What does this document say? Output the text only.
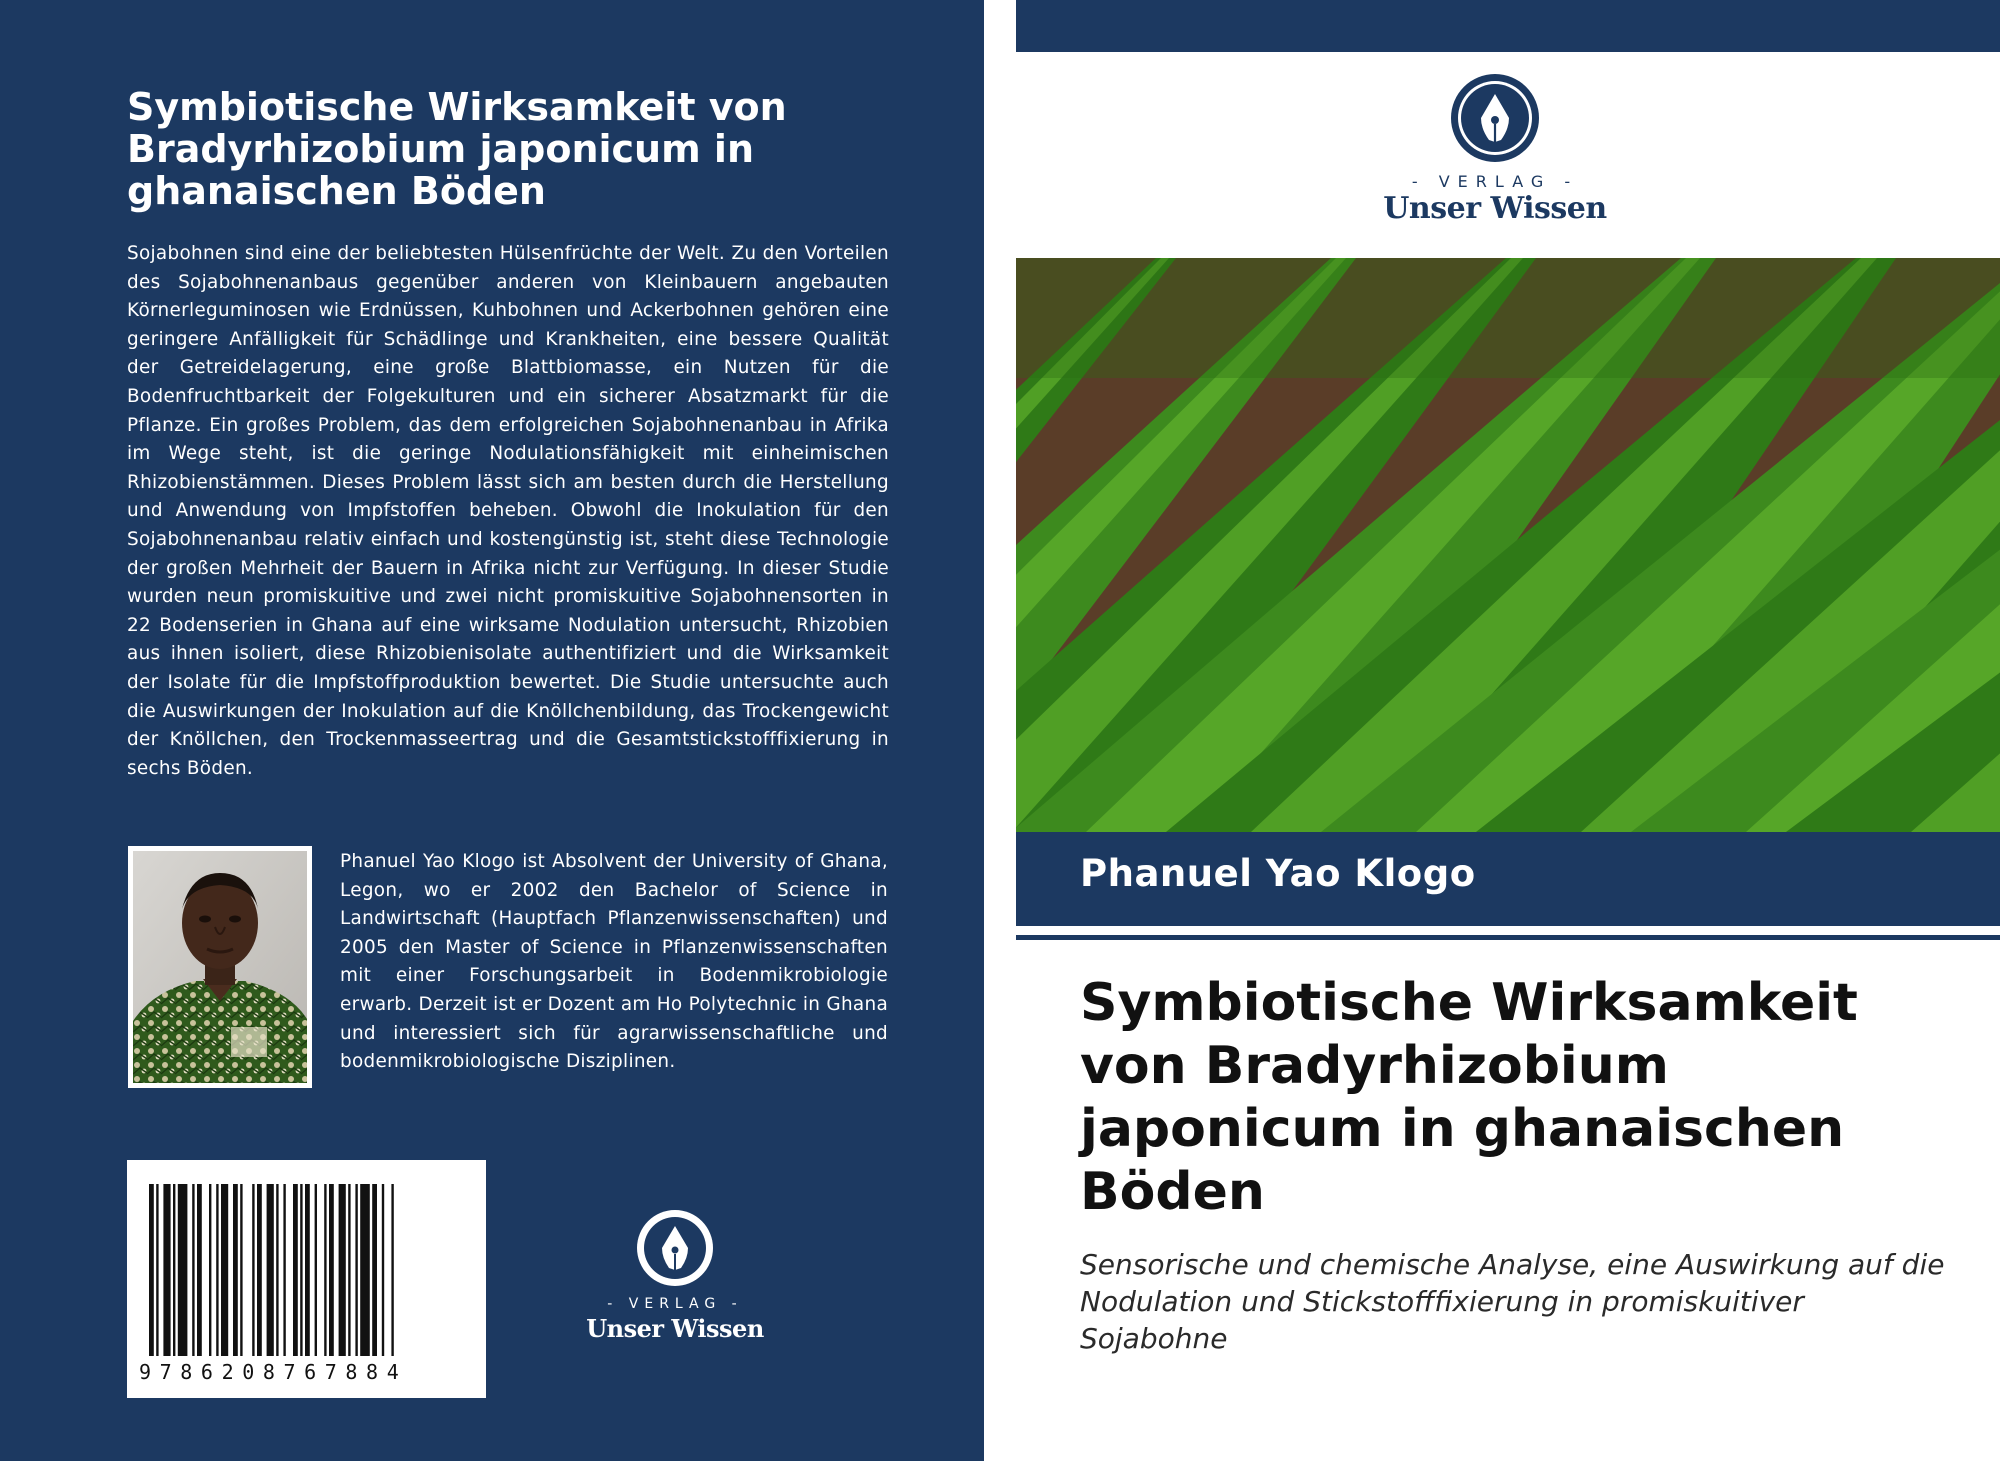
Symbiotische Wirksamkeit von Bradyrhizobium japonicum in ghanaischen Böden

Sojabohnen sind eine der beliebtesten Hülsenfrüchte der Welt. Zu den Vorteilen des Sojabohnenanbaus gegenüber anderen von Kleinbauern angebauten Körnerleguminosen wie Erdnüssen, Kuhbohnen und Ackerbohnen gehören eine geringere Anfälligkeit für Schädlinge und Krankheiten, eine bessere Qualität der Getreidelagerung, eine große Blattbiomasse, ein Nutzen für die Bodenfruchtbarkeit der Folgekulturen und ein sicherer Absatzmarkt für die Pflanze. Ein großes Problem, das dem erfolgreichen Sojabohnenanbau in Afrika im Wege steht, ist die geringe Nodulationsfähigkeit mit einheimischen Rhizobienstämmen. Dieses Problem lässt sich am besten durch die Herstellung und Anwendung von Impfstoffen beheben. Obwohl die Inokulation für den Sojabohnenanbau relativ einfach und kostengünstig ist, steht diese Technologie der großen Mehrheit der Bauern in Afrika nicht zur Verfügung. In dieser Studie wurden neun promiskuitive und zwei nicht promiskuitive Sojabohnensorten in 22 Bodenserien in Ghana auf eine wirksame Nodulation untersucht, Rhizobien aus ihnen isoliert, diese Rhizobienisolate authentifiziert und die Wirksamkeit der Isolate für die Impfstoffproduktion bewertet. Die Studie untersuchte auch die Auswirkungen der Inokulation auf die Knöllchenbildung, das Trockengewicht der Knöllchen, den Trockenmasseertrag und die Gesamtstickstofffixierung in sechs Böden.

Phanuel Yao Klogo ist Absolvent der University of Ghana, Legon, wo er 2002 den Bachelor of Science in Landwirtschaft (Hauptfach Pflanzenwissenschaften) und 2005 den Master of Science in Pflanzenwissenschaften mit einer Forschungsarbeit in Bodenmikrobiologie erwarb. Derzeit ist er Dozent am Ho Polytechnic in Ghana und interessiert sich für agrarwissenschaftliche und bodenmikrobiologische Disziplinen.

9786208767884
- VERLAG -
Unser Wissen
- VERLAG -
Unser Wissen
Phanuel Yao Klogo
Symbiotische Wirksamkeit von Bradyrhizobium japonicum in ghanaischen Böden

Sensorische und chemische Analyse, eine Auswirkung auf die Nodulation und Stickstofffixierung in promiskuitiver Sojabohne
